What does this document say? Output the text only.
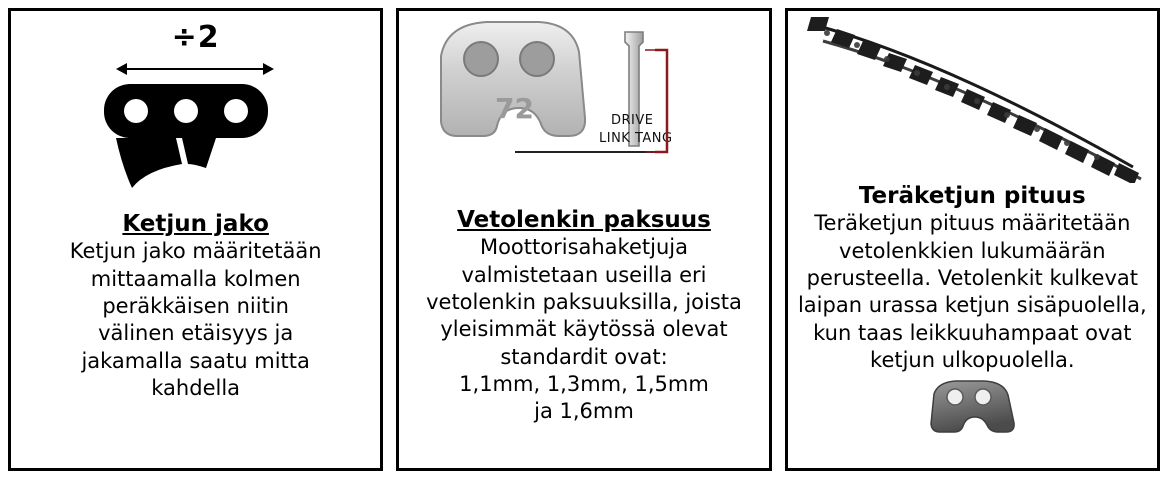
÷2
Ketjun jako
Ketjun jako määritetään
mittaamalla kolmen
peräkkäisen niitin
välinen etäisyys ja
jakamalla saatu mitta
kahdella
72	DRIVE
LINK TANG
Vetolenkin paksuus
Moottorisahaketjuja
valmistetaan useilla eri
vetolenkin paksuuksilla, joista
yleisimmät käytössä olevat
standardit ovat:
1,1mm, 1,3mm, 1,5mm
ja 1,6mm
Teräketjun pituus
Teräketjun pituus määritetään
vetolenkkien lukumäärän
perusteella. Vetolenkit kulkevat
laipan urassa ketjun sisäpuolella,
kun taas leikkuuhampaat ovat
ketjun ulkopuolella.
